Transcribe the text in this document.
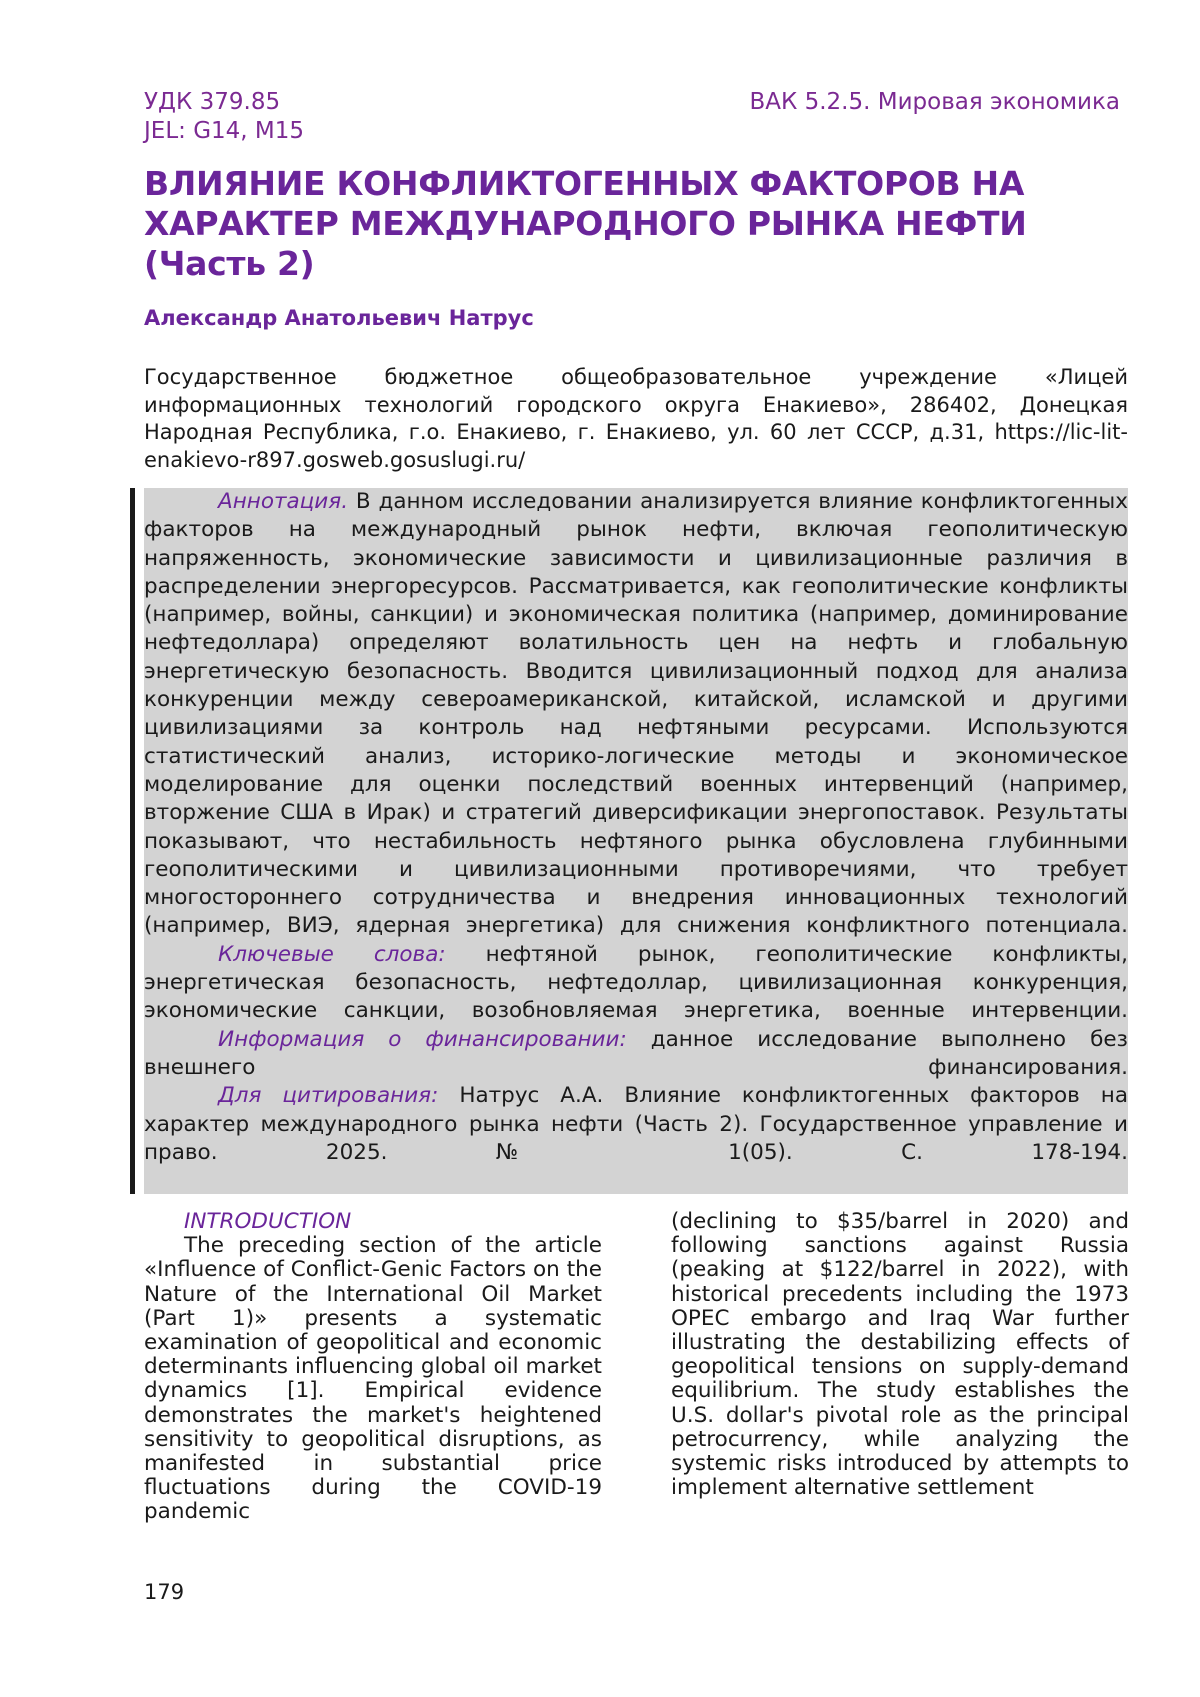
УДК 379.85
JEL: G14, M15
ВАК 5.2.5. Мировая экономика
ВЛИЯНИЕ КОНФЛИКТОГЕННЫХ ФАКТОРОВ НА
ХАРАКТЕР МЕЖДУНАРОДНОГО РЫНКА НЕФТИ
(Часть 2)
Александр Анатольевич Натрус
Государственное бюджетное общеобразовательное учреждение «Лицей информационных технологий городского округа Енакиево», 286402, Донецкая Народная Республика, г.о. Енакиево, г. Енакиево, ул. 60 лет СССР, д.31, https://lic-lit-enakievo-r897.gosweb.gosuslugi.ru/

Аннотация. В данном исследовании анализируется влияние конфликтогенных факторов на международный рынок нефти, включая геополитическую напряженность, экономические зависимости и цивилизационные различия в распределении энергоресурсов. Рассматривается, как геополитические конфликты (например, войны, санкции) и экономическая политика (например, доминирование нефтедоллара) определяют волатильность цен на нефть и глобальную энергетическую безопасность. Вводится цивилизационный подход для анализа конкуренции между североамериканской, китайской, исламской и другими цивилизациями за контроль над нефтяными ресурсами. Используются статистический анализ, историко-логические методы и экономическое моделирование для оценки последствий военных интервенций (например, вторжение США в Ирак) и стратегий диверсификации энергопоставок. Результаты показывают, что нестабильность нефтяного рынка обусловлена глубинными геополитическими и цивилизационными противоречиями, что требует многостороннего сотрудничества и внедрения инновационных технологий (например, ВИЭ, ядерная энергетика) для снижения конфликтного потенциала.

Ключевые слова: нефтяной рынок, геополитические конфликты, энергетическая безопасность, нефтедоллар, цивилизационная конкуренция, экономические санкции, возобновляемая энергетика, военные интервенции.

Информация о финансировании: данное исследование выполнено без внешнего финансирования.

Для цитирования: Натрус А.А. Влияние конфликтогенных факторов на характер международного рынка нефти (Часть 2). Государственное управление и право. 2025. № 1(05). С. 178-194.

INTRODUCTION

The preceding section of the article «Influence of Conflict-Genic Factors on the Nature of the International Oil Market (Part 1)» presents a systematic examination of geopolitical and economic determinants influencing global oil market dynamics [1]. Empirical evidence demonstrates the market's heightened sensitivity to geopolitical disruptions, as manifested in substantial price fluctuations during the COVID-19 pandemic

(declining to $35/barrel in 2020) and following sanctions against Russia (peaking at $122/barrel in 2022), with historical precedents including the 1973 OPEC embargo and Iraq War further illustrating the destabilizing effects of geopolitical tensions on supply-demand equilibrium. The study establishes the U.S. dollar's pivotal role as the principal petrocurrency, while analyzing the systemic risks introduced by attempts to implement alternative settlement

179
